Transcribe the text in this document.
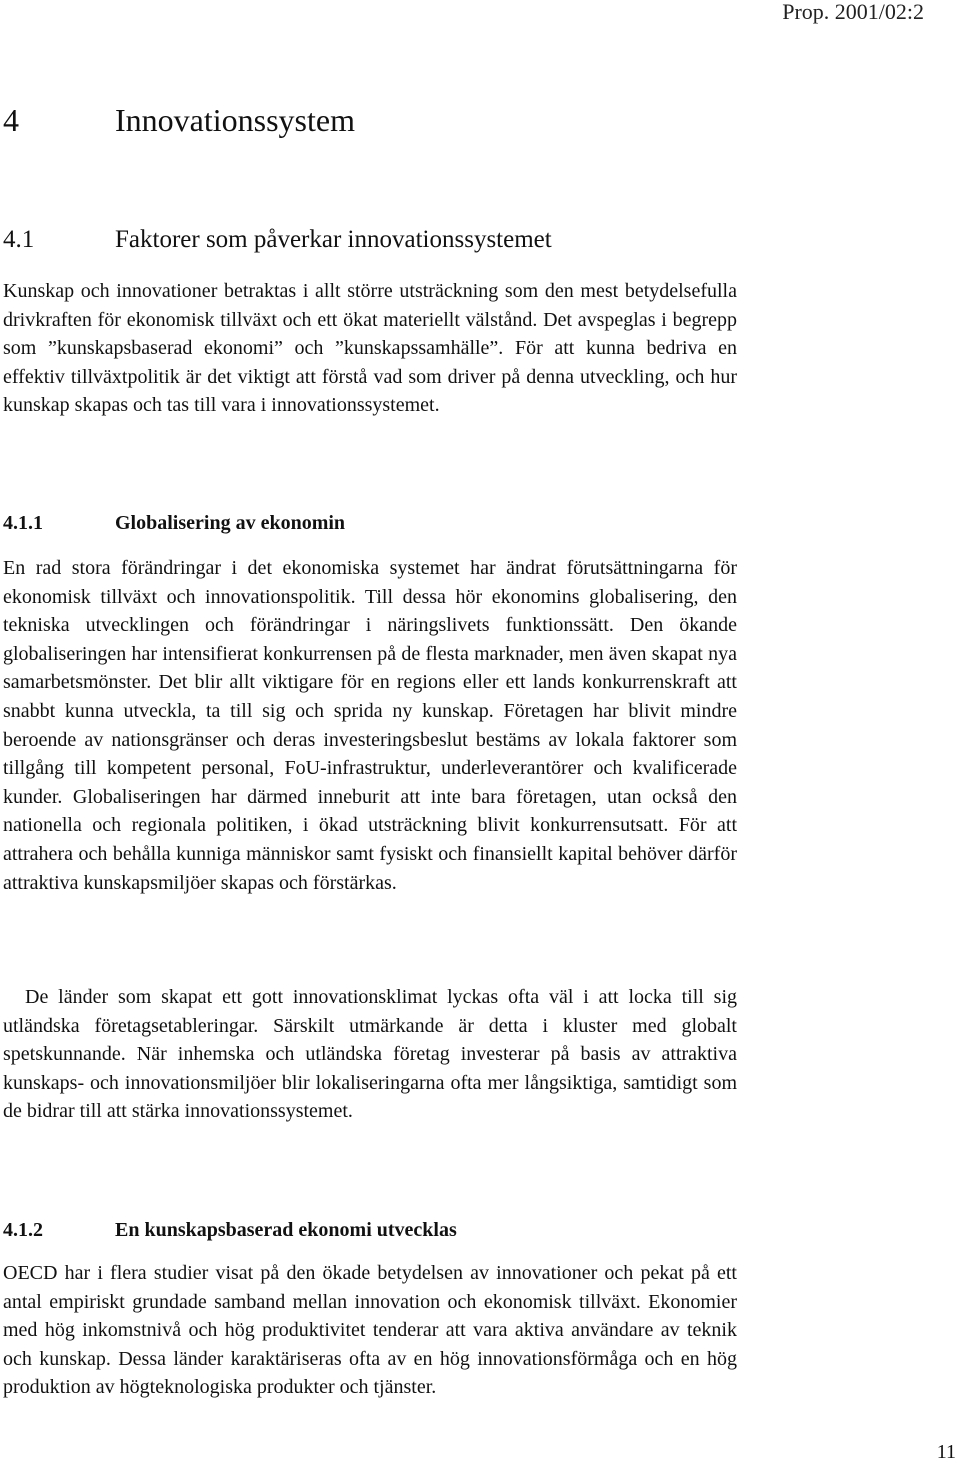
Prop. 2001/02:2
4	Innovationssystem
4.1	Faktorer som påverkar innovationssystemet

Kunskap och innovationer betraktas i allt större utsträckning som den mest betydelsefulla drivkraften för ekonomisk tillväxt och ett ökat materiellt välstånd. Det avspeglas i begrepp som ”kunskapsbaserad ekonomi” och ”kunskapssamhälle”. För att kunna bedriva en effektiv tillväxtpolitik är det viktigt att förstå vad som driver på denna utveckling, och hur kunskap skapas och tas till vara i innovationssystemet.

4.1.1	Globalisering av ekonomin

En rad stora förändringar i det ekonomiska systemet har ändrat förutsättningarna för ekonomisk tillväxt och innovationspolitik. Till dessa hör ekonomins globalisering, den tekniska utvecklingen och förändringar i näringslivets funktionssätt. Den ökande globaliseringen har intensifierat konkurrensen på de flesta marknader, men även skapat nya samarbetsmönster. Det blir allt viktigare för en regions eller ett lands konkurrenskraft att snabbt kunna utveckla, ta till sig och sprida ny kunskap. Företagen har blivit mindre beroende av nationsgränser och deras investeringsbeslut bestäms av lokala faktorer som tillgång till kompetent personal, FoU-infrastruktur, underleverantörer och kvalificerade kunder. Globaliseringen har därmed inneburit att inte bara företagen, utan också den nationella och regionala politiken, i ökad utsträckning blivit konkurrensutsatt. För att attrahera och behålla kunniga människor samt fysiskt och finansiellt kapital behöver därför attraktiva kunskapsmiljöer skapas och förstärkas.

De länder som skapat ett gott innovationsklimat lyckas ofta väl i att locka till sig utländska företagsetableringar. Särskilt utmärkande är detta i kluster med globalt spetskunnande. När inhemska och utländska företag investerar på basis av attraktiva kunskaps- och innovationsmiljöer blir lokaliseringarna ofta mer långsiktiga, samtidigt som de bidrar till att stärka innovationssystemet.

4.1.2	En kunskapsbaserad ekonomi utvecklas

OECD har i flera studier visat på den ökade betydelsen av innovationer och pekat på ett antal empiriskt grundade samband mellan innovation och ekonomisk tillväxt. Ekonomier med hög inkomstnivå och hög produktivitet tenderar att vara aktiva användare av teknik och kunskap. Dessa länder karaktäriseras ofta av en hög innovationsförmåga och en hög produktion av högteknologiska produkter och tjänster.

11
